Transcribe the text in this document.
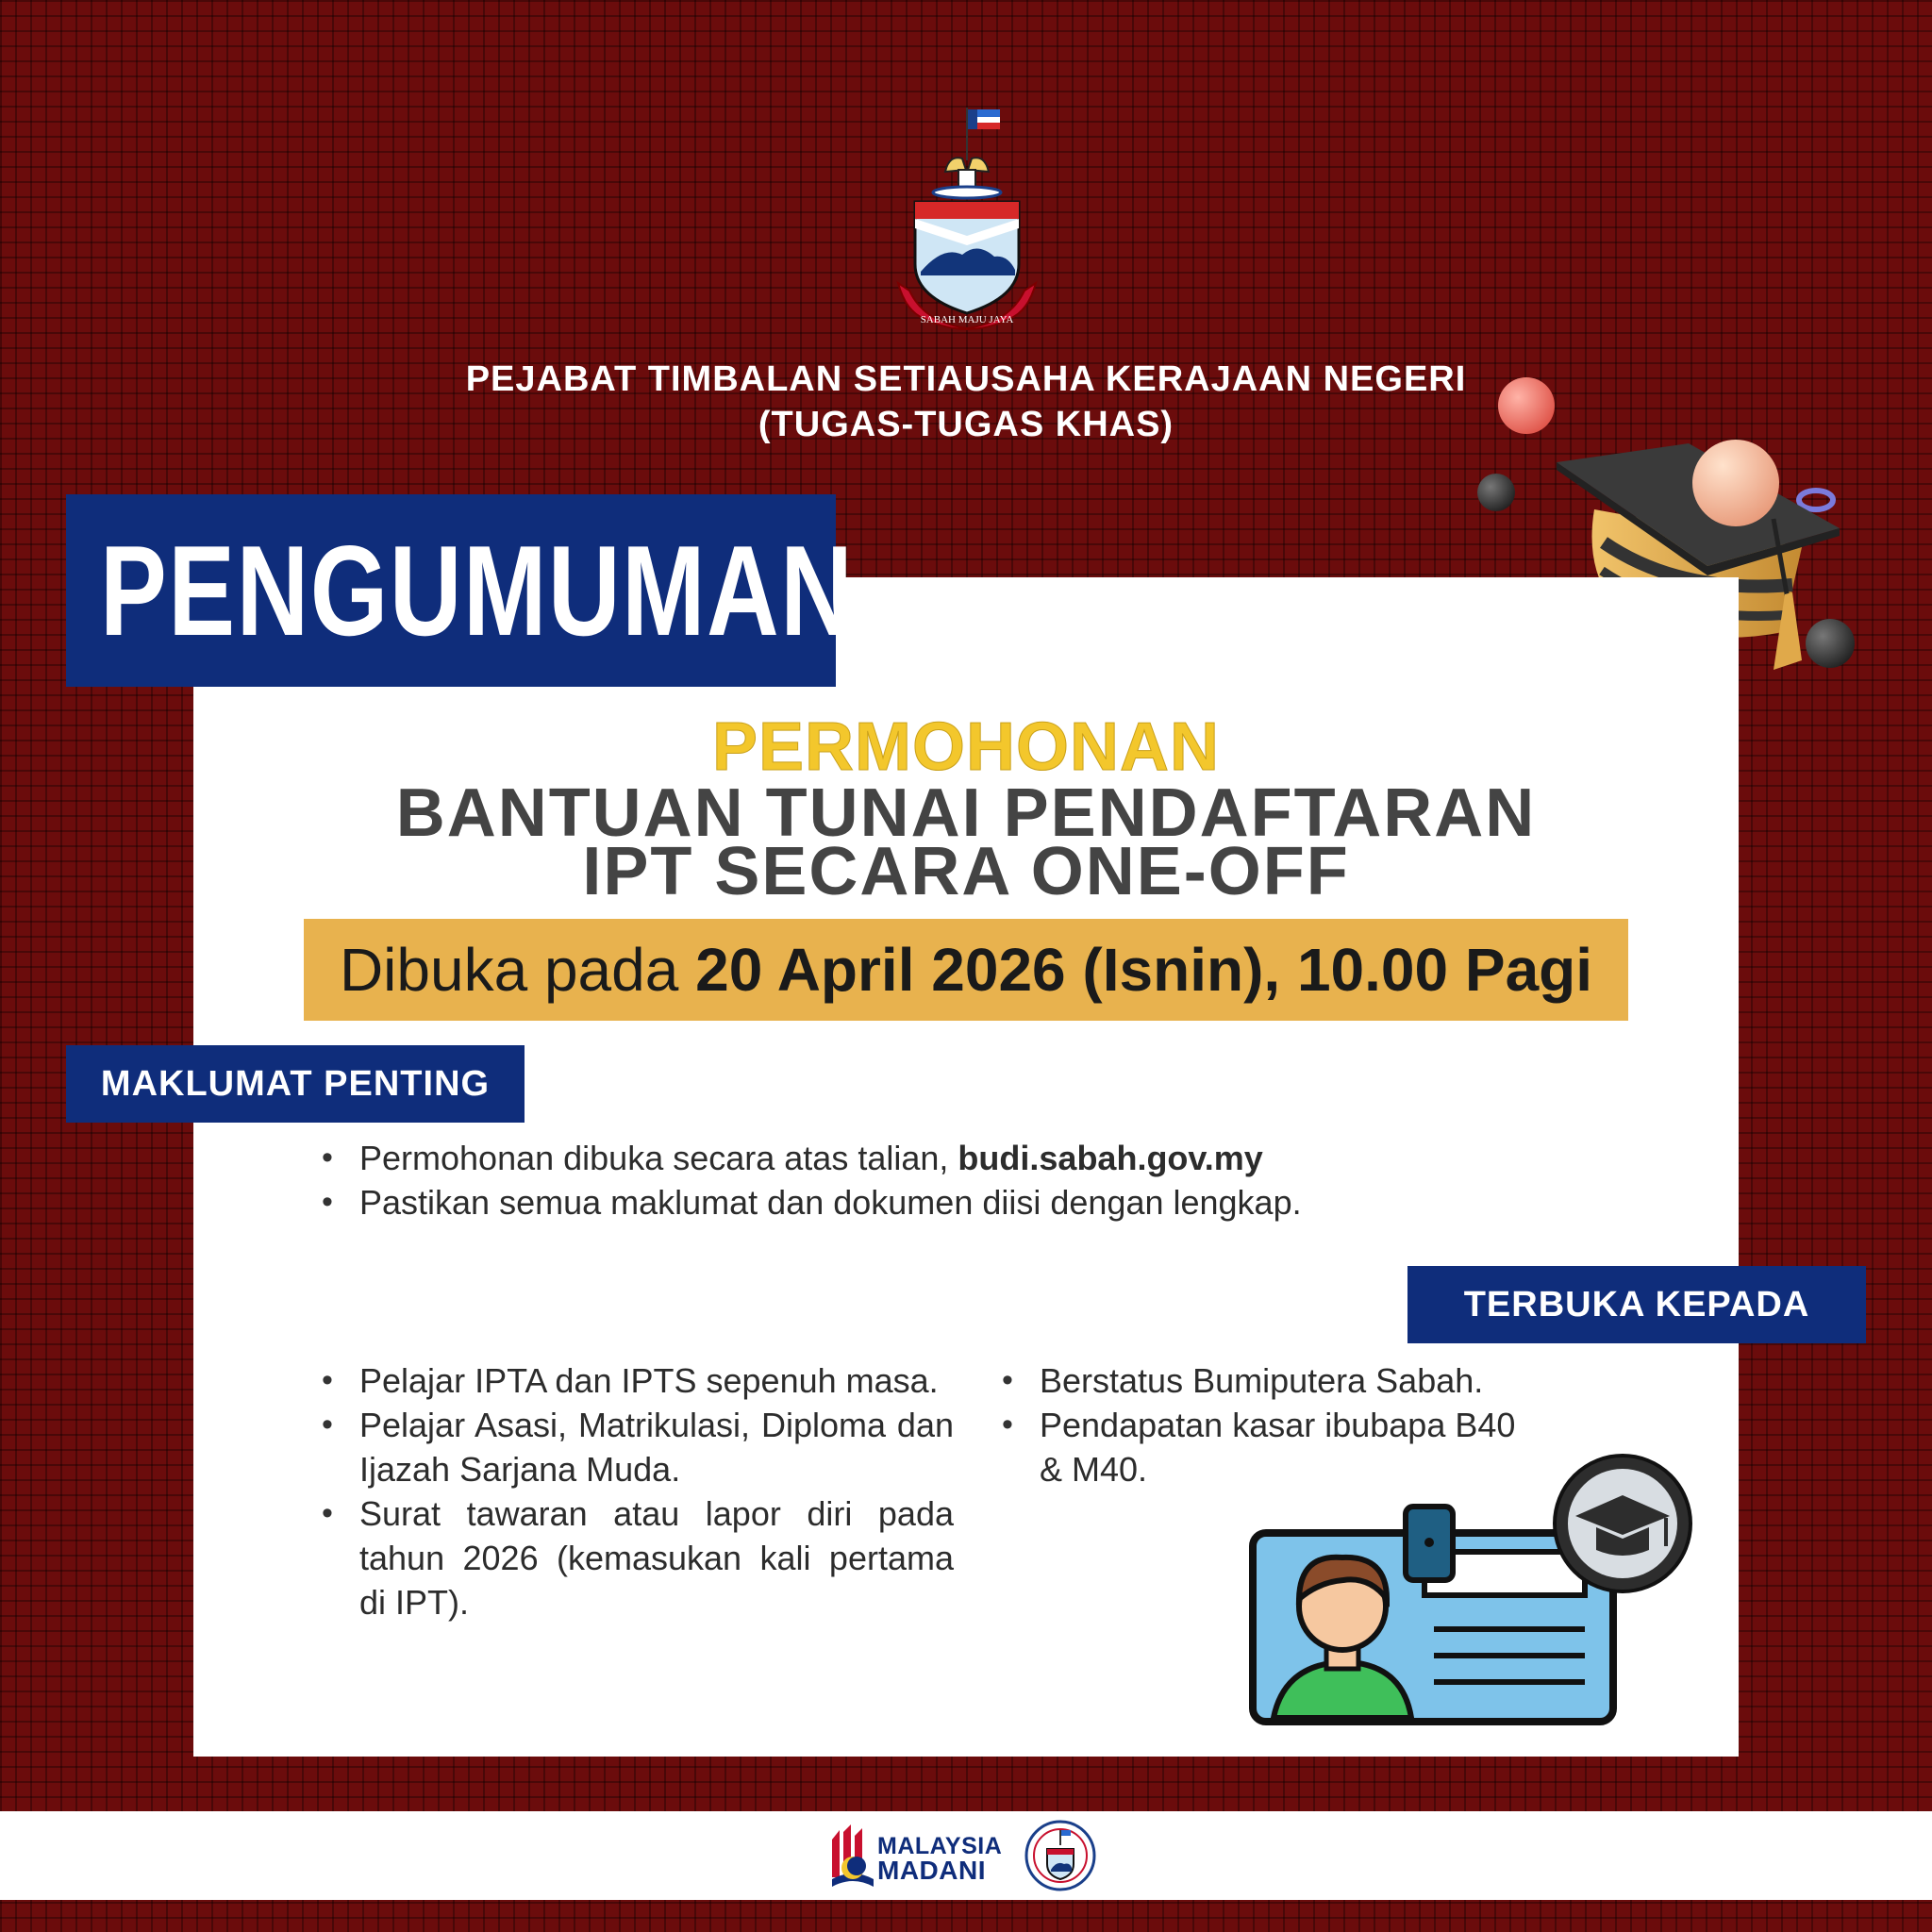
SABAH MAJU JAYA
PEJABAT TIMBALAN SETIAUSAHA KERAJAAN NEGERI
(TUGAS-TUGAS KHAS)
PENGUMUMAN
PERMOHONAN
BANTUAN TUNAI PENDAFTARAN
IPT SECARA ONE-OFF
Dibuka pada 20 April 2026 (Isnin), 10.00 Pagi
MAKLUMAT PENTING
• Permohonan dibuka secara atas talian, budi.sabah.gov.my
• Pastikan semua maklumat dan dokumen diisi dengan lengkap.
TERBUKA KEPADA
• Pelajar IPTA dan IPTS sepenuh masa.
• Pelajar Asasi, Matrikulasi, Diploma dan Ijazah Sarjana Muda.
• Surat tawaran atau lapor diri pada tahun 2026 (kemasukan kali pertama di IPT).
• Berstatus Bumiputera Sabah.
• Pendapatan kasar ibubapa B40 & M40.
MALAYSIA
MADANI
